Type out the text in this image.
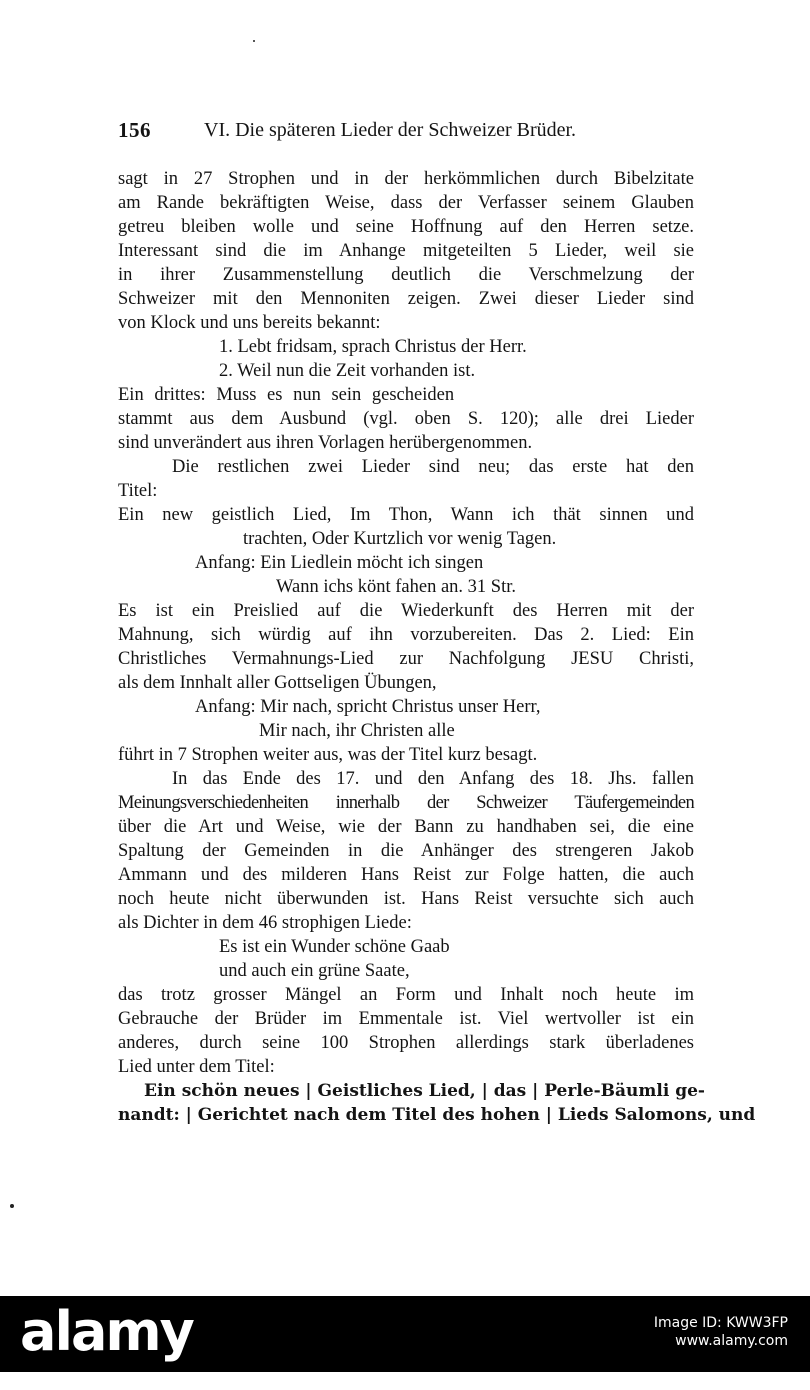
156	VI. Die späteren Lieder der Schweizer Brüder.
sagt in 27 Strophen und in der herkömmlichen durch Bibelzitate
am Rande bekräftigten Weise, dass der Verfasser seinem Glauben
getreu bleiben wolle und seine Hoffnung auf den Herren setze.
Interessant sind die im Anhange mitgeteilten 5 Lieder, weil sie
in ihrer Zusammenstellung deutlich die Verschmelzung der
Schweizer mit den Mennoniten zeigen. Zwei dieser Lieder sind
von Klock und uns bereits bekannt:
1. Lebt fridsam, sprach Christus der Herr.
2. Weil nun die Zeit vorhanden ist.
Ein drittes: Muss es nun sein gescheiden
stammt aus dem Ausbund (vgl. oben S. 120); alle drei Lieder
sind unverändert aus ihren Vorlagen herübergenommen.
Die restlichen zwei Lieder sind neu; das erste hat den
Titel:
Ein new geistlich Lied, Im Thon, Wann ich thät sinnen und
trachten, Oder Kurtzlich vor wenig Tagen.
Anfang: Ein Liedlein möcht ich singen
Wann ichs könt fahen an. 31 Str.
Es ist ein Preislied auf die Wiederkunft des Herren mit der
Mahnung, sich würdig auf ihn vorzubereiten. Das 2. Lied: Ein
Christliches Vermahnungs-Lied zur Nachfolgung JESU Christi,
als dem Innhalt aller Gottseligen Übungen,
Anfang: Mir nach, spricht Christus unser Herr,
Mir nach, ihr Christen alle
führt in 7 Strophen weiter aus, was der Titel kurz besagt.
In das Ende des 17. und den Anfang des 18. Jhs. fallen
Meinungsverschiedenheiten innerhalb der Schweizer Täufergemeinden
über die Art und Weise, wie der Bann zu handhaben sei, die eine
Spaltung der Gemeinden in die Anhänger des strengeren Jakob
Ammann und des milderen Hans Reist zur Folge hatten, die auch
noch heute nicht überwunden ist. Hans Reist versuchte sich auch
als Dichter in dem 46 strophigen Liede:
Es ist ein Wunder schöne Gaab
und auch ein grüne Saate,
das trotz grosser Mängel an Form und Inhalt noch heute im
Gebrauche der Brüder im Emmentale ist. Viel wertvoller ist ein
anderes, durch seine 100 Strophen allerdings stark überladenes
Lied unter dem Titel:
Ein schön neues | Geistliches Lied, | das | Perle-Bäumli ge-
nandt: | Gerichtet nach dem Titel des hohen | Lieds Salomons, und
alamy	Image ID: KWW3FP
www.alamy.com
